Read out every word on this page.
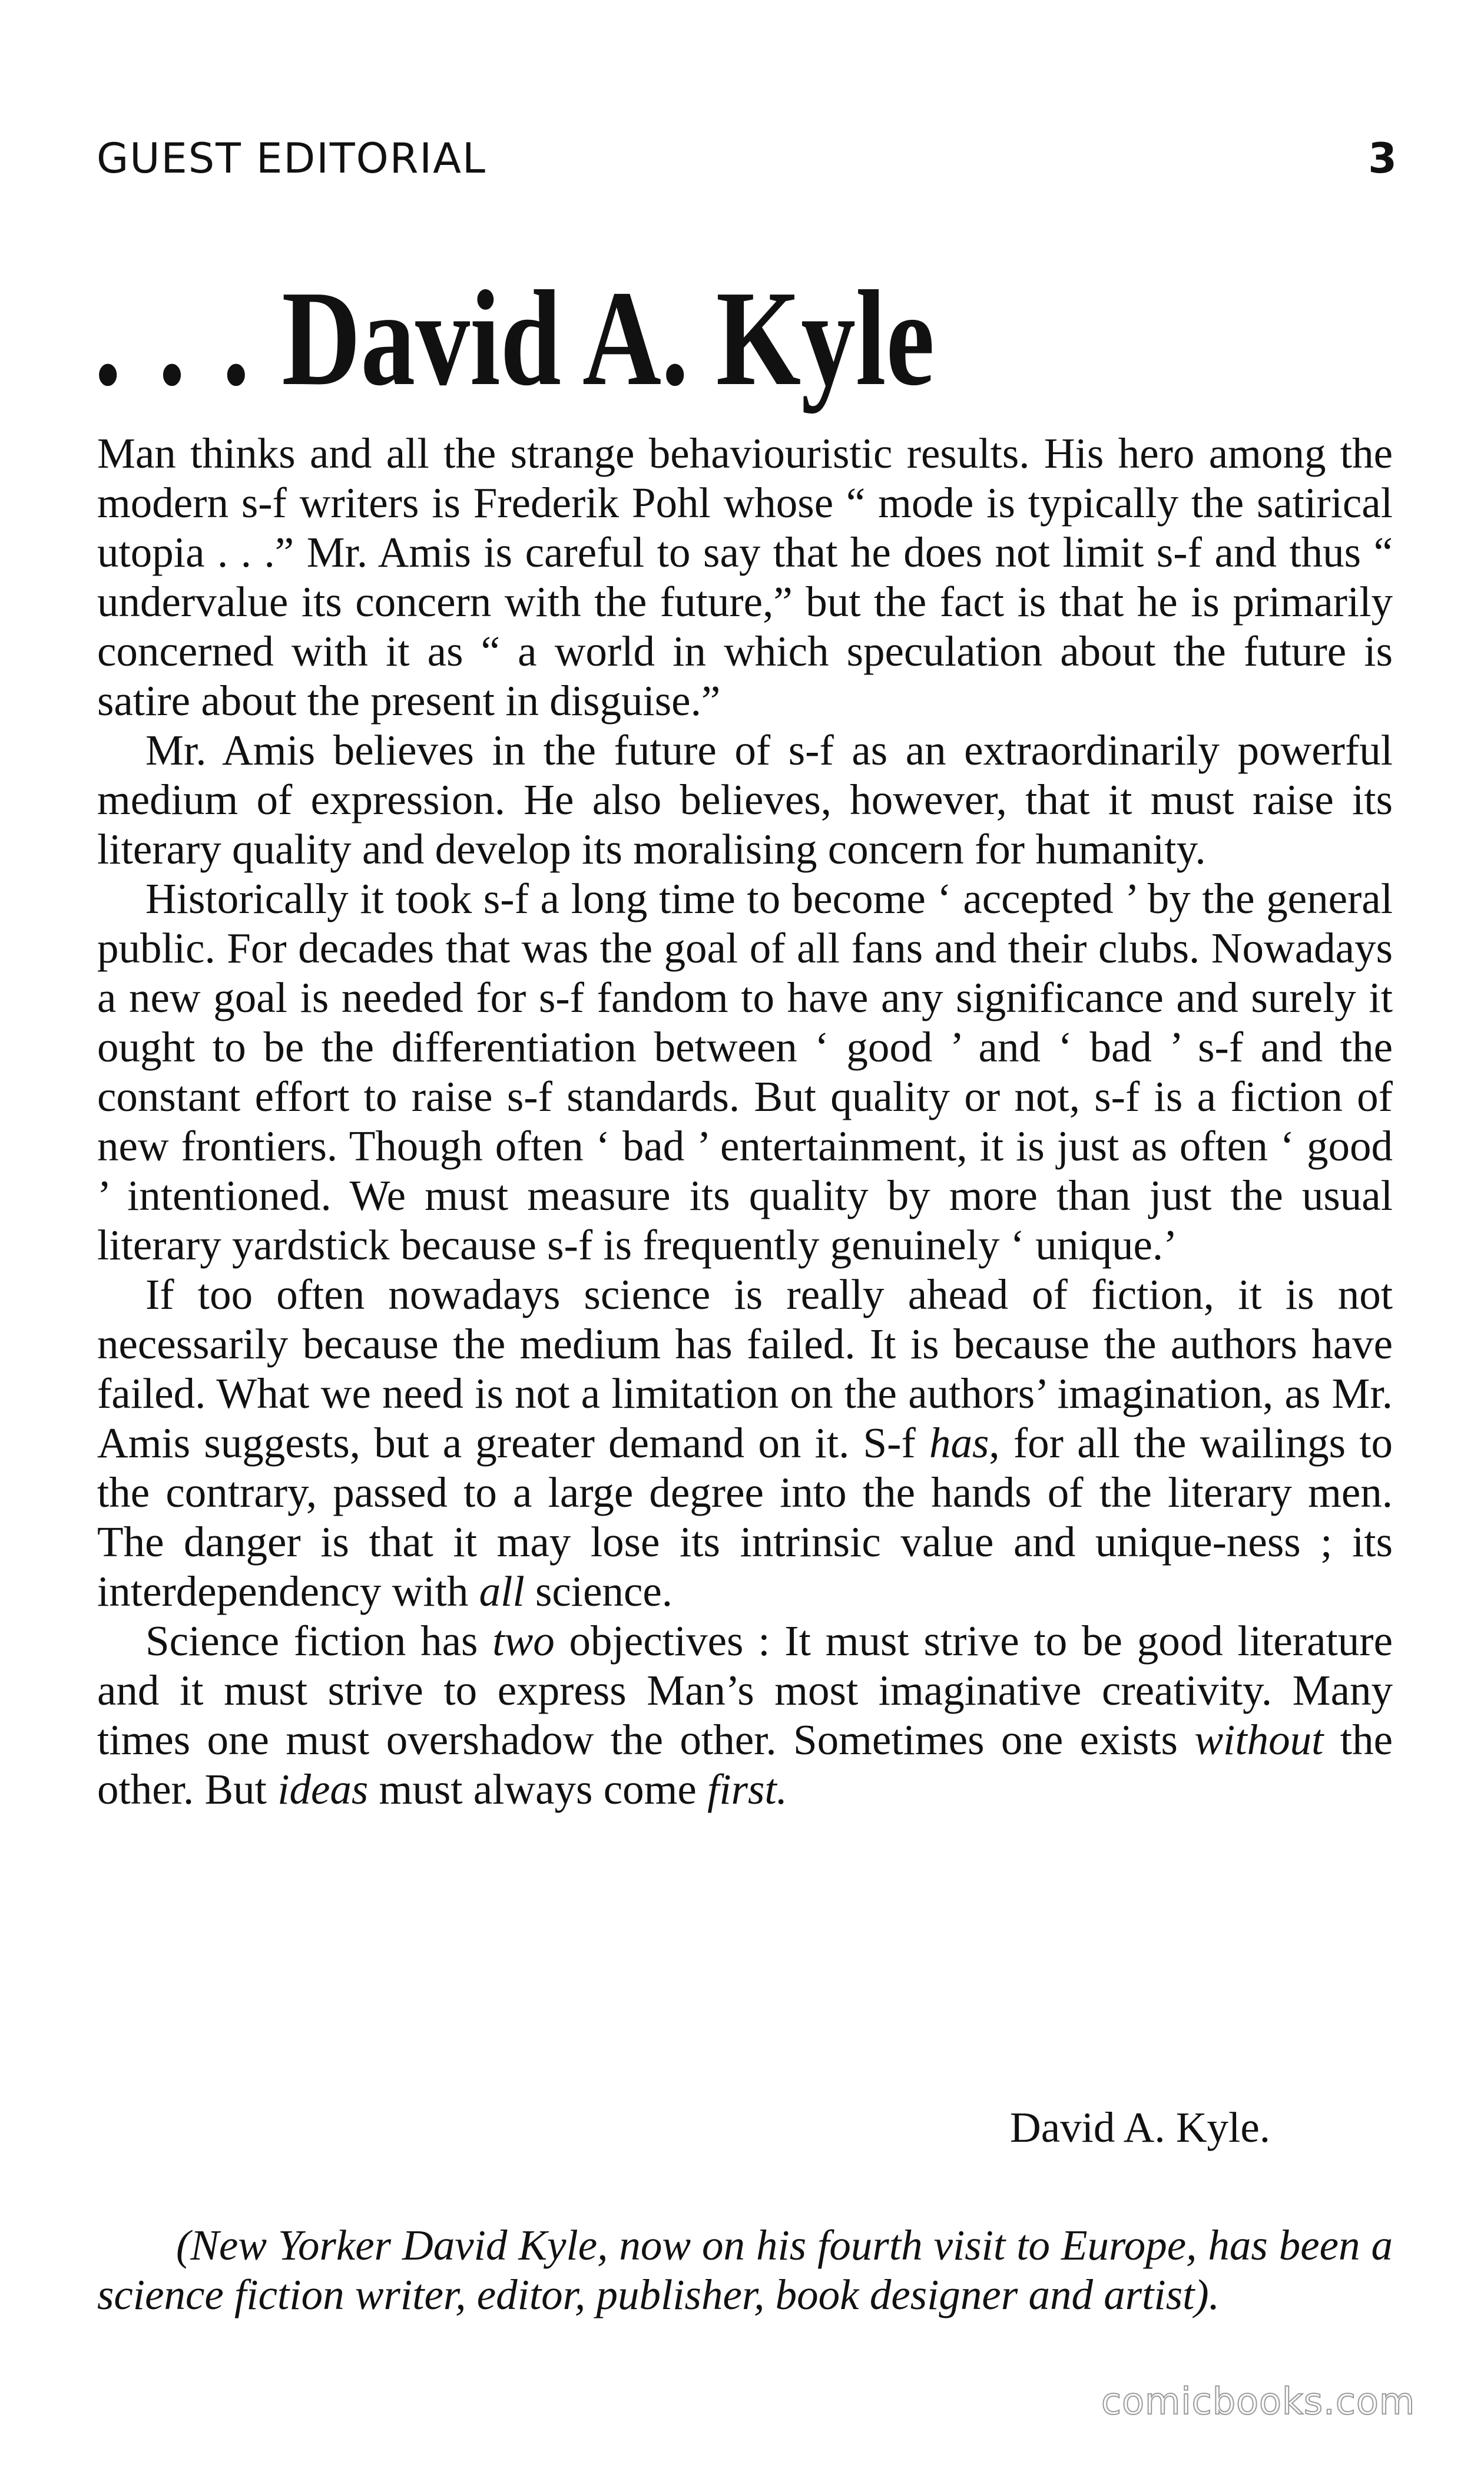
GUEST EDITORIAL	3
. . . David A. Kyle

Man thinks and all the strange behaviouristic results. His hero among the modern s-f writers is Frederik Pohl whose “ mode is typically the satirical utopia . . .” Mr. Amis is careful to say that he does not limit s-f and thus “ undervalue its concern with the future,” but the fact is that he is primarily concerned with it as “ a world in which speculation about the future is satire about the present in disguise.”

Mr. Amis believes in the future of s-f as an extraordinarily powerful medium of expression. He also believes, however, that it must raise its literary quality and develop its moralising concern for humanity.

Historically it took s-f a long time to become ‘ accepted ’ by the general public. For decades that was the goal of all fans and their clubs. Nowadays a new goal is needed for s-f fandom to have any significance and surely it ought to be the differentiation between ‘ good ’ and ‘ bad ’ s-f and the constant effort to raise s-f standards. But quality or not, s-f is a fiction of new frontiers. Though often ‘ bad ’ entertainment, it is just as often ‘ good ’ intentioned. We must measure its quality by more than just the usual literary yardstick because s-f is frequently genuinely ‘ unique.’

If too often nowadays science is really ahead of fiction, it is not necessarily because the medium has failed. It is because the authors have failed. What we need is not a limitation on the authors’ imagination, as Mr. Amis suggests, but a greater demand on it. S-f has, for all the wailings to the contrary, passed to a large degree into the hands of the literary men. The danger is that it may lose its intrinsic value and unique-ness ; its interdependency with all science.

Science fiction has two objectives : It must strive to be good literature and it must strive to express Man’s most imaginative creativity. Many times one must overshadow the other. Sometimes one exists without the other. But ideas must always come first.

David A. Kyle.
(New Yorker David Kyle, now on his fourth visit to Europe, has been a science fiction writer, editor, publisher, book designer and artist).
comicbooks.com
